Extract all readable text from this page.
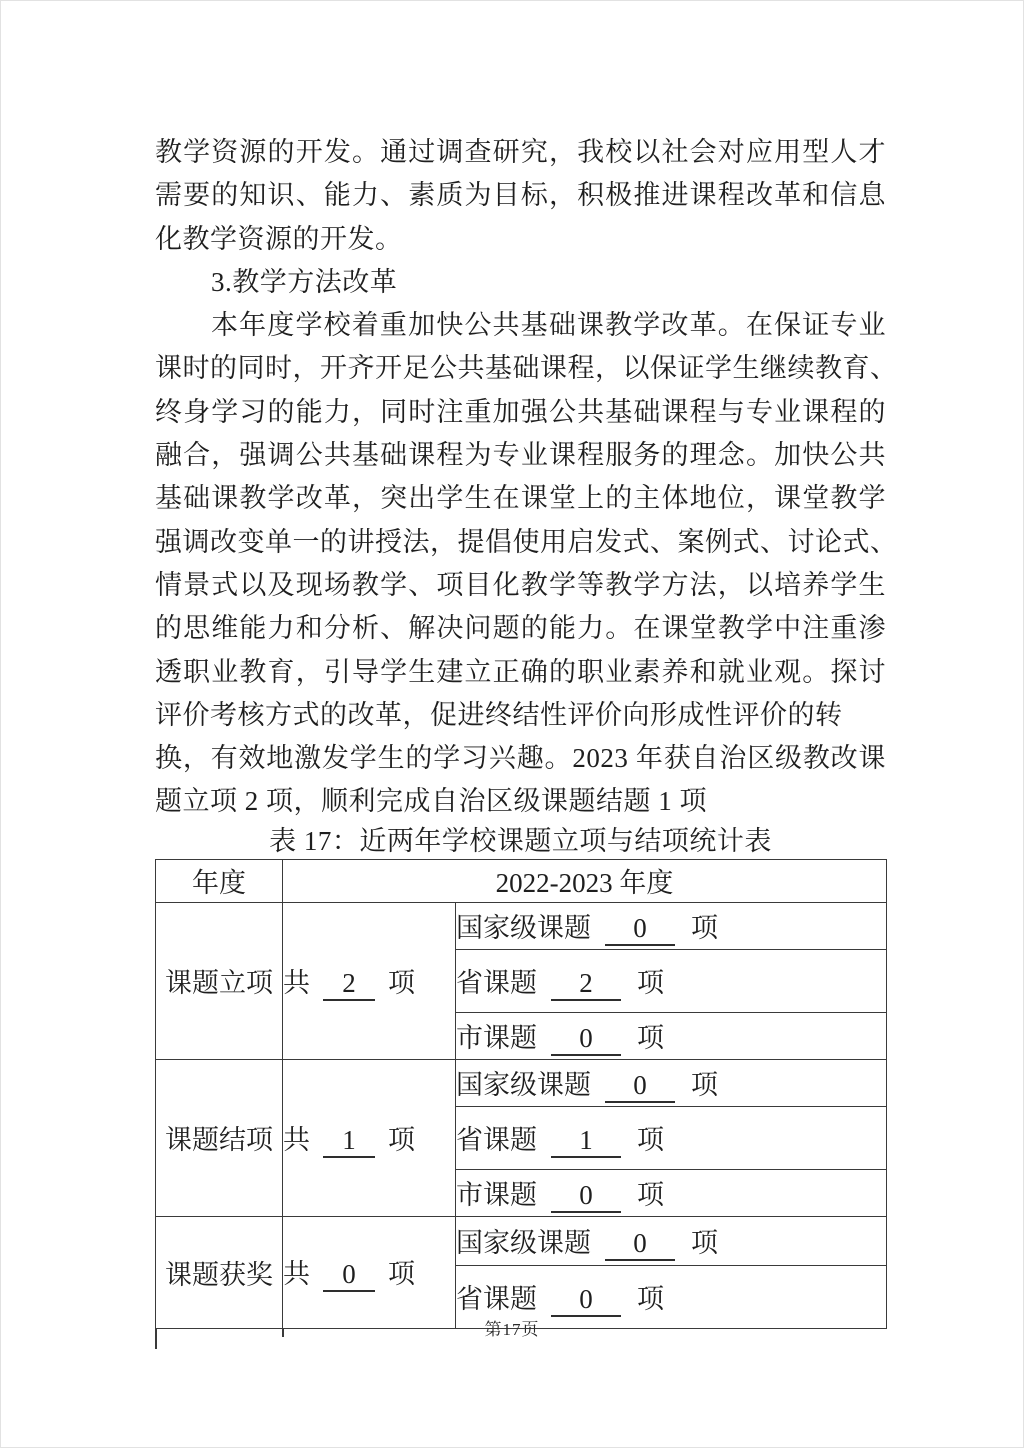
教学资源的开发。通过调查研究，我校以社会对应用型人才
需要的知识、能力、素质为目标，积极推进课程改革和信息
化教学资源的开发。
3.教学方法改革
本年度学校着重加快公共基础课教学改革。在保证专业
课时的同时，开齐开足公共基础课程，以保证学生继续教育、
终身学习的能力，同时注重加强公共基础课程与专业课程的
融合，强调公共基础课程为专业课程服务的理念。加快公共
基础课教学改革，突出学生在课堂上的主体地位，课堂教学
强调改变单一的讲授法，提倡使用启发式、案例式、讨论式、
情景式以及现场教学、项目化教学等教学方法，以培养学生
的思维能力和分析、解决问题的能力。在课堂教学中注重渗
透职业教育，引导学生建立正确的职业素养和就业观。探讨
评价考核方式的改革，促进终结性评价向形成性评价的转
换，有效地激发学生的学习兴趣。2023 年获自治区级教改课
题立项 2 项，顺利完成自治区级课题结题 1 项
表 17：近两年学校课题立项与结项统计表
年度	2022-2023 年度	
课题立项	共 2 项	国家级课题 0 项
		省课题 2 项
		市课题 0 项
课题结项	共 1 项	国家级课题 0 项
		省课题 1 项
		市课题 0 项
课题获奖	共 0 项	国家级课题 0 项
		省课题 0 项
第17页
